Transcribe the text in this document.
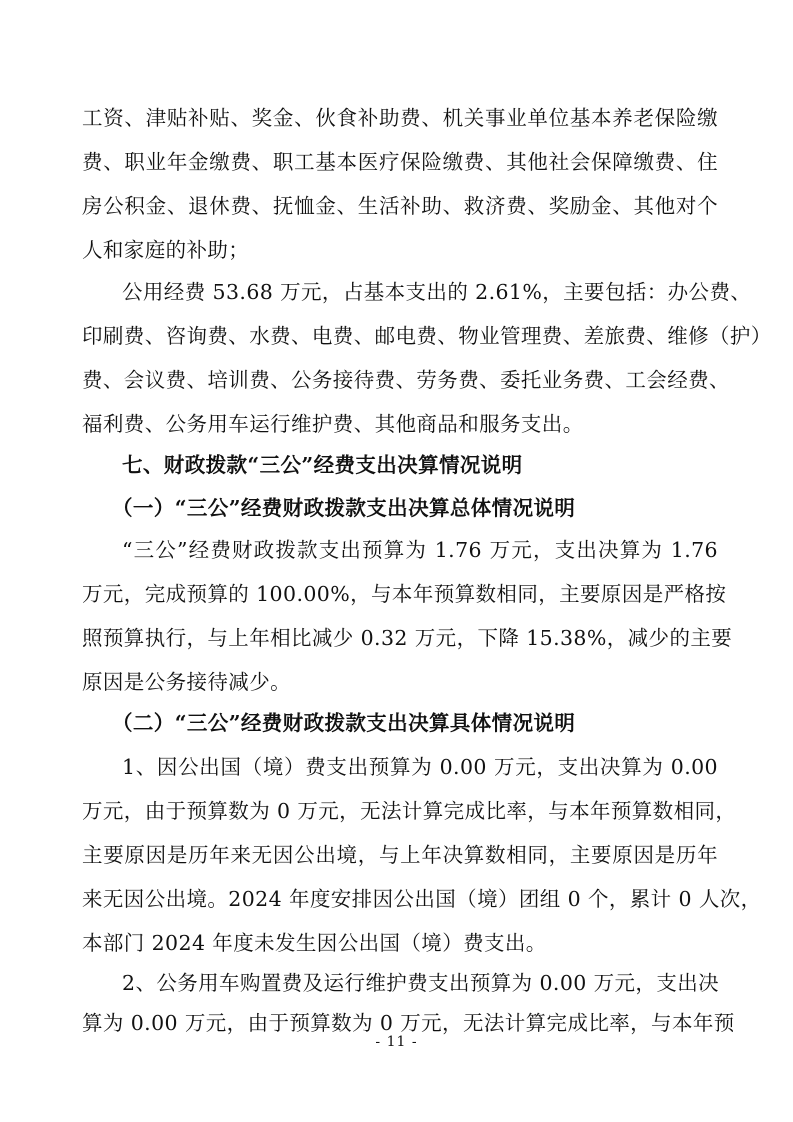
工资、津贴补贴、奖金、伙食补助费、机关事业单位基本养老保险缴
费、职业年金缴费、职工基本医疗保险缴费、其他社会保障缴费、住
房公积金、退休费、抚恤金、生活补助、救济费、奖励金、其他对个
人和家庭的补助；
公用经费 53.68 万元，占基本支出的 2.61%，主要包括：办公费、
印刷费、咨询费、水费、电费、邮电费、物业管理费、差旅费、维修（护）
费、会议费、培训费、公务接待费、劳务费、委托业务费、工会经费、
福利费、公务用车运行维护费、其他商品和服务支出。
七、财政拨款“三公”经费支出决算情况说明
（一）“三公”经费财政拨款支出决算总体情况说明
“三公”经费财政拨款支出预算为 1.76 万元，支出决算为 1.76
万元，完成预算的 100.00%，与本年预算数相同，主要原因是严格按
照预算执行，与上年相比减少 0.32 万元，下降 15.38%，减少的主要
原因是公务接待减少。
（二）“三公”经费财政拨款支出决算具体情况说明
1、因公出国（境）费支出预算为 0.00 万元，支出决算为 0.00
万元，由于预算数为 0 万元，无法计算完成比率，与本年预算数相同，
主要原因是历年来无因公出境，与上年决算数相同，主要原因是历年
来无因公出境。2024 年度安排因公出国（境）团组 0 个，累计 0 人次，
本部门 2024 年度未发生因公出国（境）费支出。
2、公务用车购置费及运行维护费支出预算为 0.00 万元，支出决
算为 0.00 万元，由于预算数为 0 万元，无法计算完成比率，与本年预
- 11 -
